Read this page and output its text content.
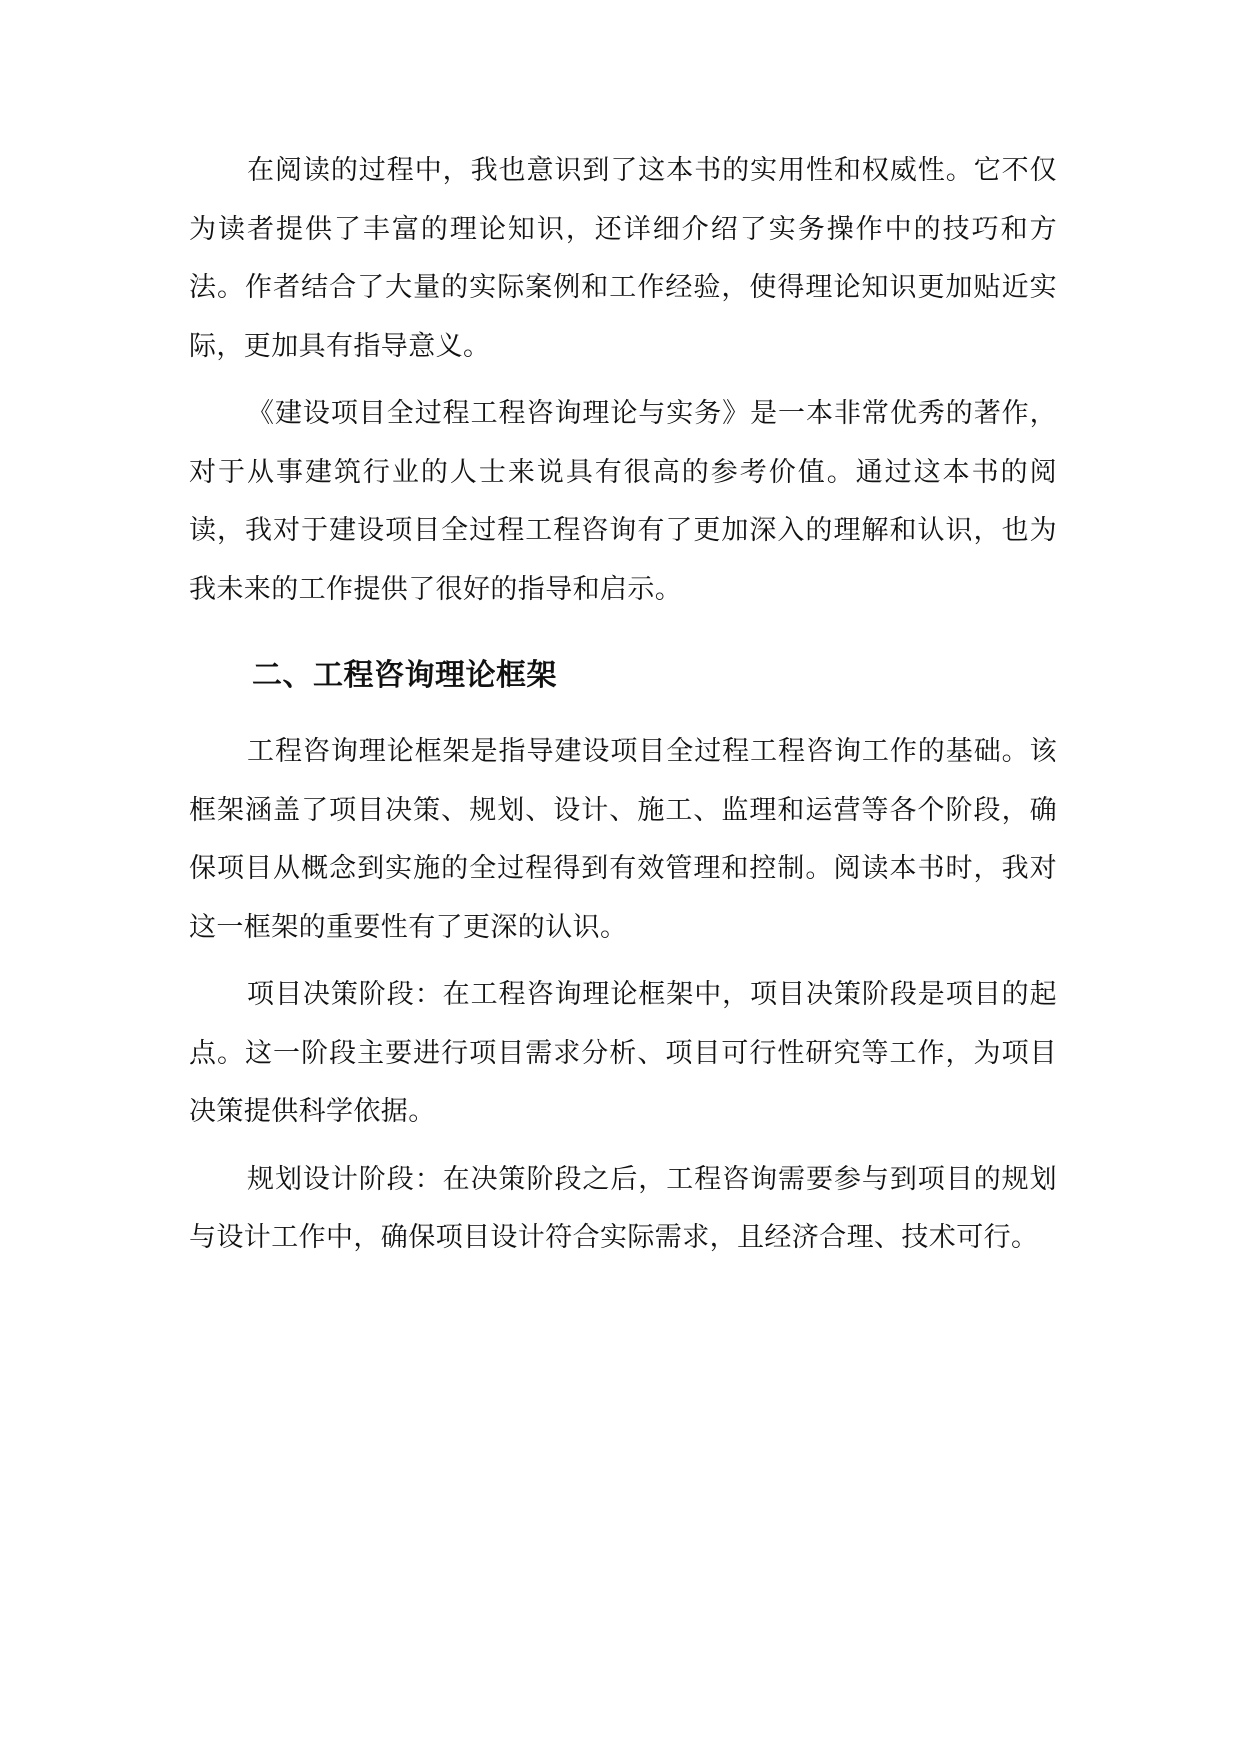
在阅读的过程中，我也意识到了这本书的实用性和权威性。它不仅为读者提供了丰富的理论知识，还详细介绍了实务操作中的技巧和方法。作者结合了大量的实际案例和工作经验，使得理论知识更加贴近实际，更加具有指导意义。

《建设项目全过程工程咨询理论与实务》是一本非常优秀的著作，对于从事建筑行业的人士来说具有很高的参考价值。通过这本书的阅读，我对于建设项目全过程工程咨询有了更加深入的理解和认识，也为我未来的工作提供了很好的指导和启示。

二、工程咨询理论框架

工程咨询理论框架是指导建设项目全过程工程咨询工作的基础。该框架涵盖了项目决策、规划、设计、施工、监理和运营等各个阶段，确保项目从概念到实施的全过程得到有效管理和控制。阅读本书时，我对这一框架的重要性有了更深的认识。

项目决策阶段：在工程咨询理论框架中，项目决策阶段是项目的起点。这一阶段主要进行项目需求分析、项目可行性研究等工作，为项目决策提供科学依据。

规划设计阶段：在决策阶段之后，工程咨询需要参与到项目的规划与设计工作中，确保项目设计符合实际需求，且经济合理、技术可行。
